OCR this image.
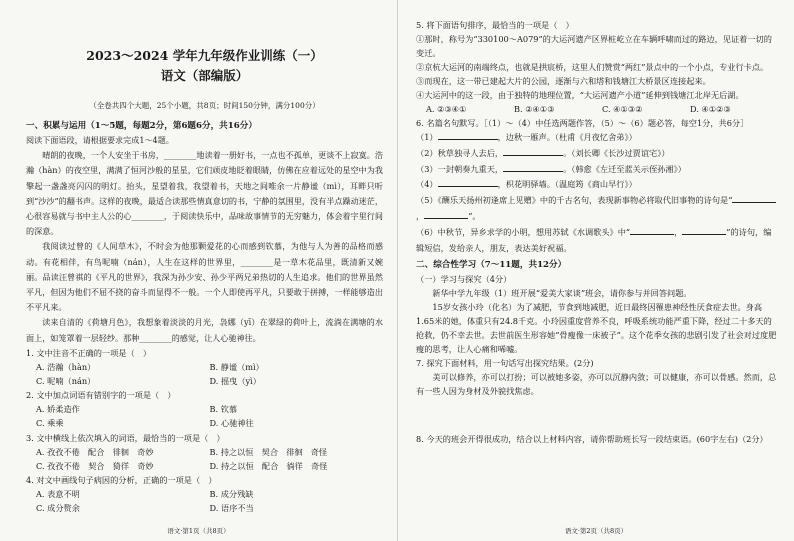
2023～2024 学年九年级作业训练（一）
语文（部编版）
（全卷共四个大题，25个小题，共8页；时间150分钟，满分100分）
一、积累与运用（1～5题，每题2分，第6题6分，共16分）

阅读下面语段，请根据要求完成1～4题。

晴朗的夜晚，一个人安坐于书房，________地读着一册好书，一点也不孤单，更谈不上寂寞。浩瀚（hàn）的夜空里，满满了恒河沙般的星星，它们顽皮地眨着眼睛，仿佛在应着远处的星空中为我擎起一盏盏亮闪闪的明灯。抬头，星望着我，我望着书，天地之间唯余一片静谧（mì），耳畔只听到“沙沙”的翻书声。这样的夜晚，最适合读那些情真意切的书，宁静的氛围里，没有半点躁动迷茫，心很容易就与书中主人公的心________，于阅读快乐中，品味故事情节的无穷魅力，体会着字里行间的深意。

我阅读过曾的《人间草木》，不时会为他那颗爱花的心而感到钦慕，为他与人为善的品格而感动。有花相伴，有鸟呢喃（nán），人生在这样的世界里，________是一草木花品里，既清新又婉丽。品读汪曾祺的《平凡的世界》，我深为孙少安、孙少平两兄弟热切的人生追求。他们的世界虽然平凡，但因为他们不屈不挠的奋斗而显得不一般。一个人即使再平凡，只要敢于拼搏，一样能够造出不平凡来。

读来自清的《荷塘月色》，我想象着淡淡的月光，袅娜（yī）在翠绿的荷叶上，流淌在满塘的水面上，如笼罩着一层轻纱。那种________的感觉，让人心驰神往。

1. 文中注音不正确的一项是（　）

A. 浩瀚（hàn）	B. 静谧（mì）
C. 呢喃（nán）	D. 摇曳（yì）

2. 文中加点词语有错别字的一项是（　）

A. 娇柔造作	B. 钦慕
C. 乘乘	D. 心驰神往

3. 文中横线上依次填入的词语，最恰当的一项是（　）

A. 孜孜不倦　配合　徘徊　奇妙	B. 持之以恒　契合　徘徊　奇怪
C. 孜孜不倦　契合　猗徉　奇妙	D. 持之以恒　配合　徜徉　奇怪

4. 对文中画线句子病因的分析，正确的一项是（　）

A. 表意不明	B. 成分残缺
C. 成分赘余	D. 语序不当
语文·第1页（共8页）

5. 将下面语句排序，最恰当的一项是（　）

①那时，称号为“330100～A079”的大运河遗产区界桩屹立在车辆呼啸而过的路边，见证着一切的变迁。

②京杭大运河的南端终点，也就是拱宸桥，这里人们赞赏“两红”景点中的一个小点，专业行卡点。

③而现在，这一带已建起大片的公园，逐渐与六和塔和钱塘江大桥景区连接起来。

④大运河中的这一段，由于独特的地理位置，“大运河遗产小道”延伸到钱塘江北岸无后湖。

A. ②③④①	B. ②④①③	C. ④①③②	D. ④①②③

6. 名篇名句默写。［（1）～（4）中任选两题作答，（5）～（6）题必答，每空1分，共6分］

（1）	，边秋一雁声。（杜甫《月夜忆舍弟》）

（2）秋草独寻人去后，	。（刘长卿《长沙过贾谊宅》）

（3）一封朝奏九重天，	。（韩愈《左迁至蓝关示侄孙湘》）

（4）	，枳花明驿墙。（温庭筠《商山早行》）

（5）《酬乐天扬州初逢席上见赠》中的千古名句，表现新事物必将取代旧事物的诗句是“，	”。

（6）中秋节，异乡求学的小明，想用苏轼《水调歌头》中“	，	”的诗句，编辑短信，发给亲人，朋友，表达美好祝福。

二、综合性学习（7～11题，共12分）

（一）学习与探究（4分）

新华中学九年级（1）班开展“爱美大家谈”班会，请你参与并回答问题。

15岁女孩小玲（化名）为了减肥，节食到地减肥，近日最终因罹患神经性厌食症去世。身高1.65米的她，体重只有24.8千克。小玲因重度营养不良，呼吸系统功能严重下降，经过二十多天的抢救，仍不幸去世。去世前医生形容她“骨瘦像一床被子”。这个花季女孩的悲剧引发了社会对过度肥瘦的思考，让人心痛和唏嘘。

7. 探究下面材料，用一句话写出探究结果。(2分)

美可以修养，亦可以打扮；可以被她多姿，亦可以沉静内敛；可以健康，亦可以骨感。然而，总有一些人因为身材及外貌找焦虑。

8. 今天的班会开得很成功，结合以上材料内容，请你帮助班长写一段结束语。(60字左右)（2分）

语文·第2页（共8页）
